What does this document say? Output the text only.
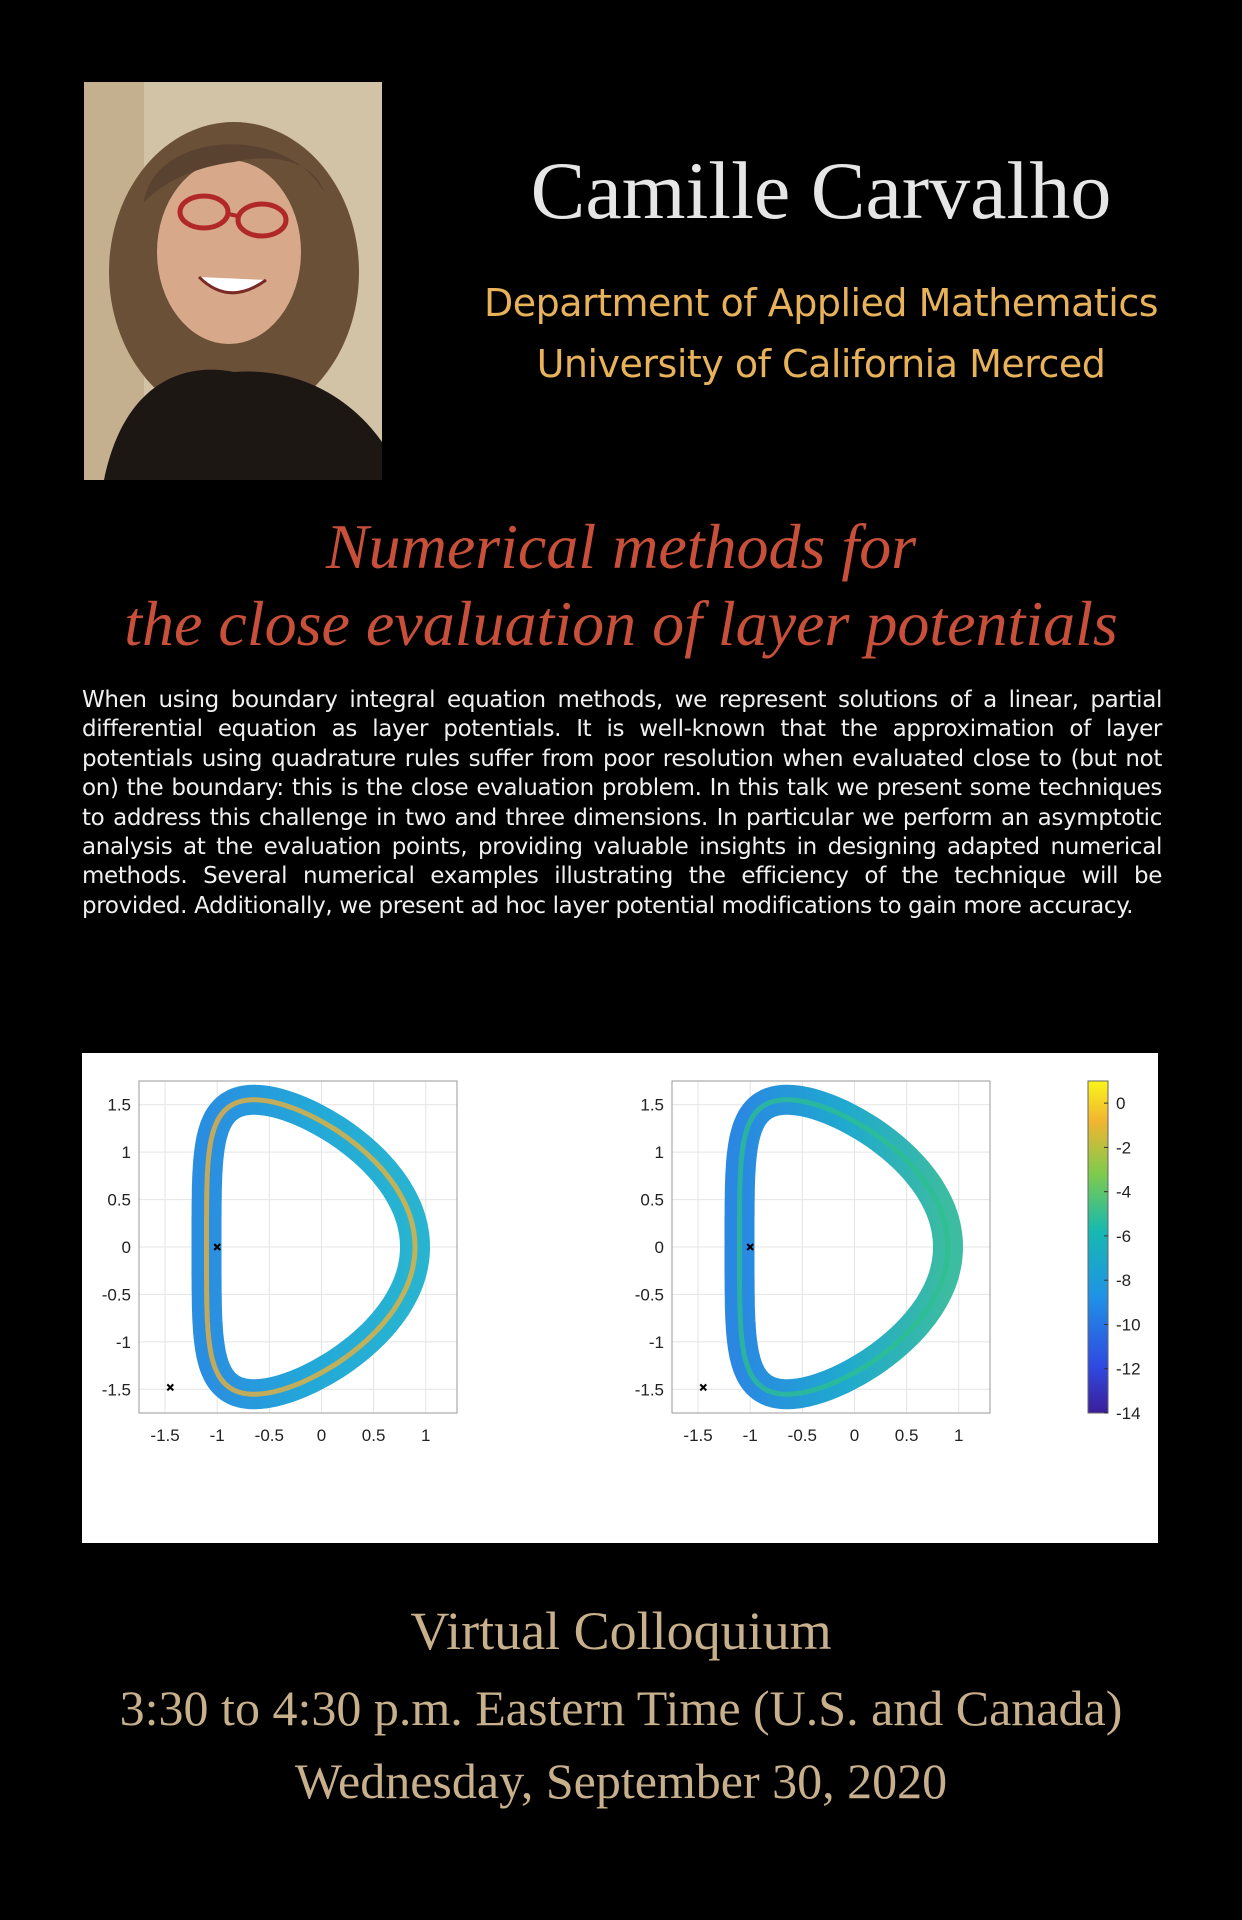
Camille Carvalho
Department of Applied Mathematics
University of California Merced
Numerical methods for
the close evaluation of layer potentials
When using boundary integral equation methods, we represent solutions of a linear, partial differential equation as layer potentials. It is well-known that the approximation of layer potentials using quadrature rules suffer from poor resolution when evaluated close to (but not on) the boundary: this is the close evaluation problem. In this talk we present some techniques to address this challenge in two and three dimensions. In particular we perform an asymptotic analysis at the evaluation points, providing valuable insights in designing adapted numerical methods. Several numerical examples illustrating the efficiency of the technique will be provided. Additionally, we present ad hoc layer potential modifications to gain more accuracy.
-1.5 -1 -0.5 0 0.5 1
1.5
1
0.5
0
-0.5
-1
-1.5
-1.5 -1 -0.5 0 0.5 1
1.5
1
0.5
0
-0.5
-1
-1.5
0
-2
-4
-6
-8
-10
-12
-14
Virtual Colloquium
3:30 to 4:30 p.m. Eastern Time (U.S. and Canada)
Wednesday, September 30, 2020
